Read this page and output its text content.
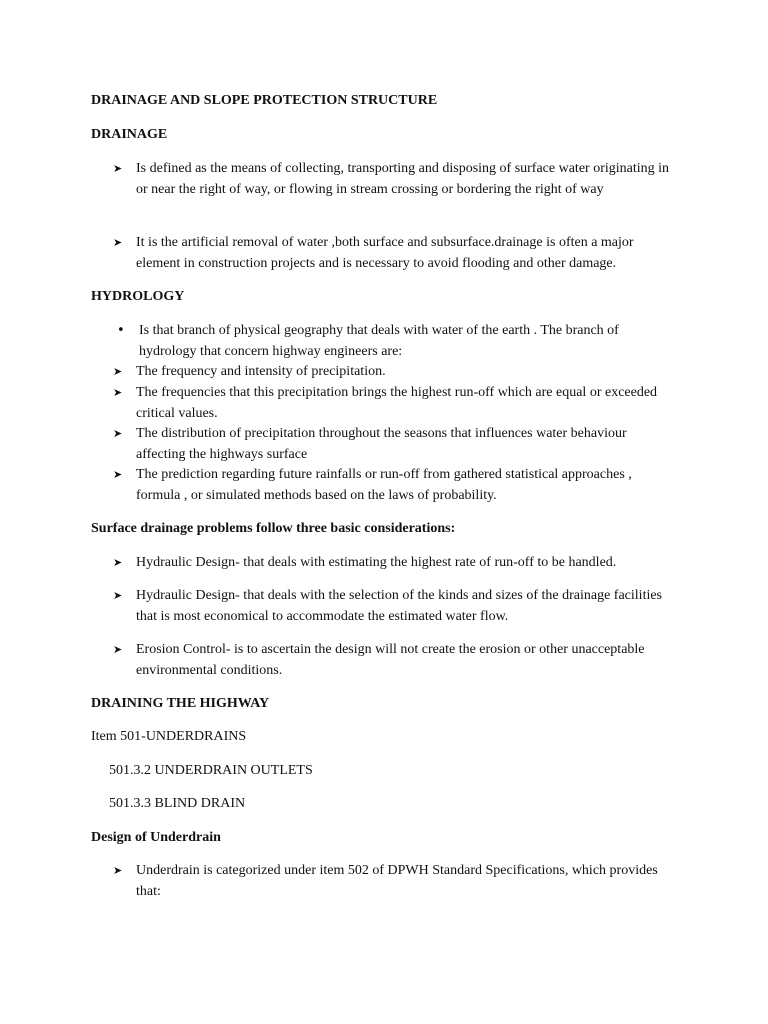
DRAINAGE AND SLOPE PROTECTION STRUCTURE

DRAINAGE

➤ Is defined as the means of collecting, transporting and disposing of surface water originating in or near the right of way, or flowing in stream crossing or bordering the right of way
➤ It is the artificial removal of water ,both surface and subsurface.drainage is often a major element in construction projects and is necessary to avoid flooding and other damage.

HYDROLOGY

•	Is that branch of physical geography that deals with water of the earth . The branch of hydrology that concern highway engineers are:
➤ The frequency and intensity of precipitation.
➤ The frequencies that this precipitation brings the highest run-off which are equal or exceeded critical values.
➤ The distribution of precipitation throughout the seasons that influences water behaviour affecting the highways surface
➤ The prediction regarding future rainfalls or run-off from gathered statistical approaches , formula , or simulated methods based on the laws of probability.

Surface drainage problems follow three basic considerations:

➤ Hydraulic Design- that deals with estimating the highest rate of run-off to be handled.
➤ Hydraulic Design- that deals with the selection of the kinds and sizes of the drainage facilities that is most economical to accommodate the estimated water flow.
➤ Erosion Control- is to ascertain the design will not create the erosion or other unacceptable environmental conditions.

DRAINING THE HIGHWAY

Item 501-UNDERDRAINS

501.3.2 UNDERDRAIN OUTLETS

501.3.3 BLIND DRAIN

Design of Underdrain

➤ Underdrain is categorized under item 502 of DPWH Standard Specifications, which provides that:
